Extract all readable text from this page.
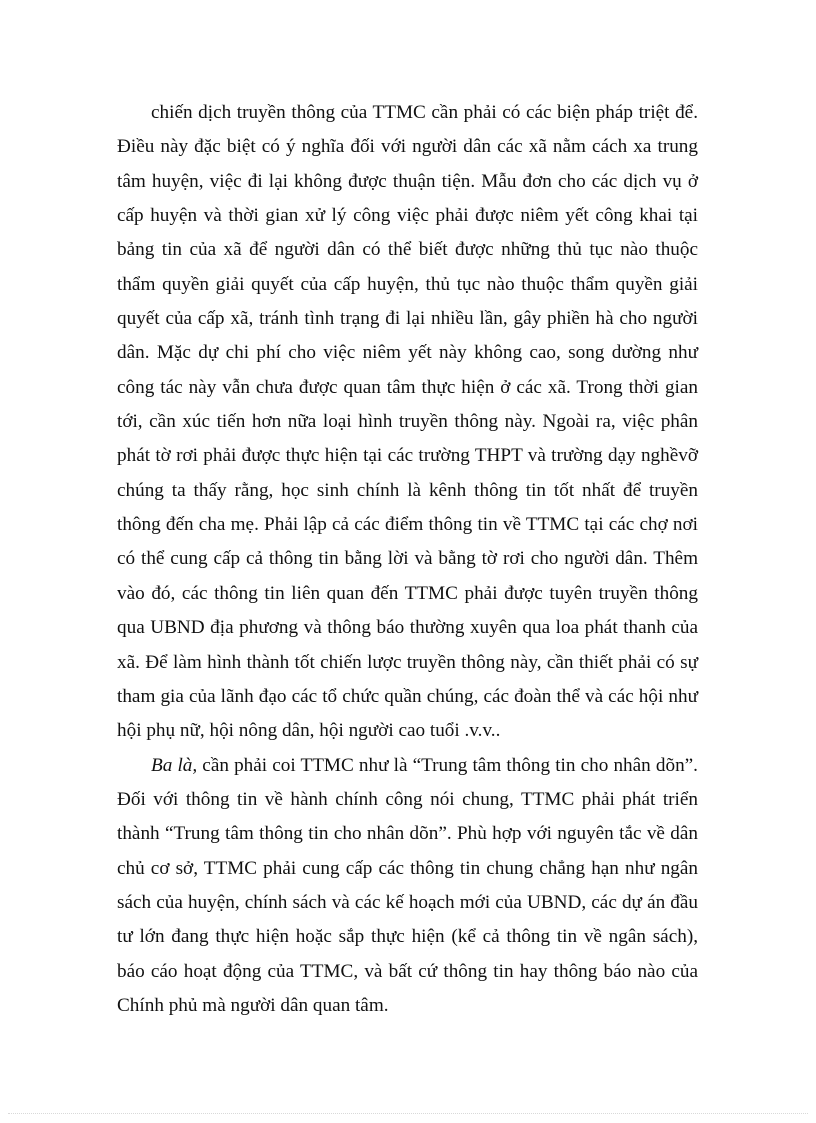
chiến dịch truyền thông của TTMC cần phải có các biện pháp triệt để. Điều này đặc biệt có ý nghĩa đối với người dân các xã nằm cách xa trung tâm huyện, việc đi lại không được thuận tiện. Mẫu đơn cho các dịch vụ ở cấp huyện và thời gian xử lý công việc phải được niêm yết công khai tại bảng tin của xã để người dân có thể biết được những thủ tục nào thuộc thẩm quyền giải quyết của cấp huyện, thủ tục nào thuộc thẩm quyền giải quyết của cấp xã, tránh tình trạng đi lại nhiều lần, gây phiền hà cho người dân. Mặc dự chi phí cho việc niêm yết này không cao, song dường như công tác này vẫn chưa được quan tâm thực hiện ở các xã. Trong thời gian tới, cần xúc tiến hơn nữa loại hình truyền thông này. Ngoài ra, việc phân phát tờ rơi phải được thực hiện tại các trường THPT và trường dạy nghềvỡ chúng ta thấy rằng, học sinh chính là kênh thông tin tốt nhất để truyền thông đến cha mẹ. Phải lập cả các điểm thông tin về TTMC tại các chợ nơi có thể cung cấp cả thông tin bằng lời và bằng tờ rơi cho người dân. Thêm vào đó, các thông tin liên quan đến TTMC phải được tuyên truyền thông qua UBND địa phương và thông báo thường xuyên qua loa phát thanh của xã. Để làm hình thành tốt chiến lược truyền thông này, cần thiết phải có sự tham gia của lãnh đạo các tổ chức quần chúng, các đoàn thể và các hội như hội phụ nữ, hội nông dân, hội người cao tuổi .v.v..

Ba là, cần phải coi TTMC như là “Trung tâm thông tin cho nhân dõn”. Đối với thông tin về hành chính công nói chung, TTMC phải phát triển thành “Trung tâm thông tin cho nhân dõn”. Phù hợp với nguyên tắc về dân chủ cơ sở, TTMC phải cung cấp các thông tin chung chẳng hạn như ngân sách của huyện, chính sách và các kế hoạch mới của UBND, các dự án đầu tư lớn đang thực hiện hoặc sắp thực hiện (kể cả thông tin về ngân sách), báo cáo hoạt động của TTMC, và bất cứ thông tin hay thông báo nào của Chính phủ mà người dân quan tâm.
